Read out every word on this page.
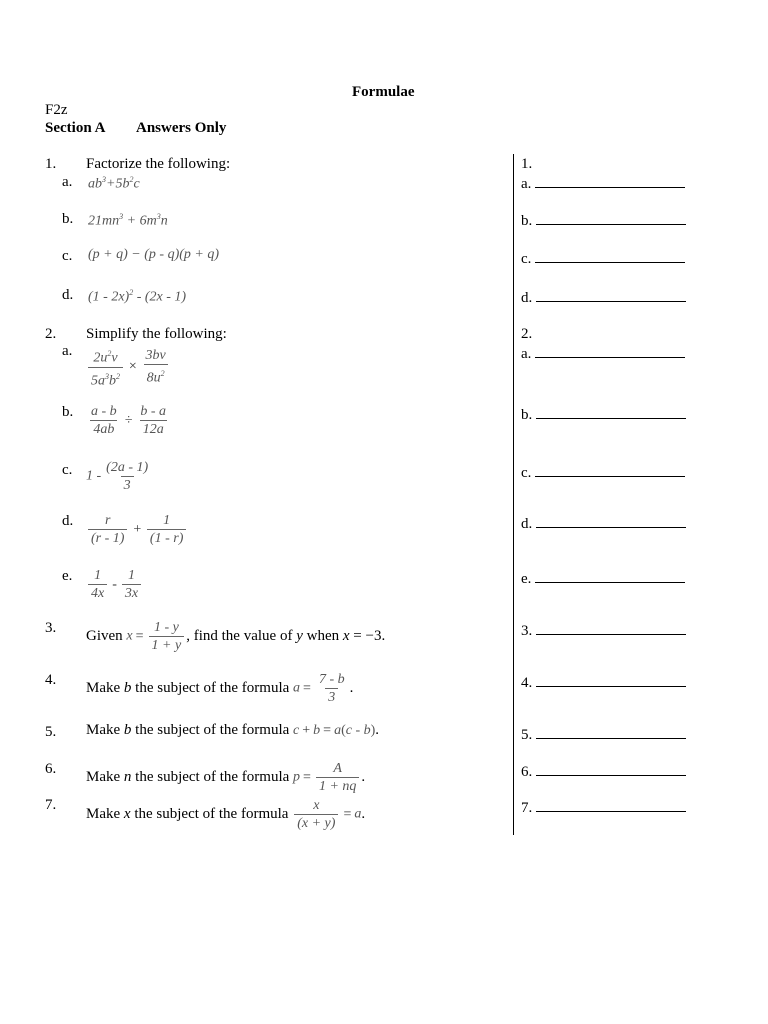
Formulae
F2z
Section A Answers Only
1. Factorize the following:
a. $ab^3+5b^2c$
b. $21mn^3 + 6m^3n$
c. (p + q) − (p - q)(p + q)
d. (1 - 2x)$^2$ - (2x - 1)
2. Simplify the following:
a. $\frac{2u^2v}{5a^3b^2} \times \frac{3bv}{8u^2}$
b. $\frac{a - b}{4ab} \div \frac{b - a}{12a}$
c. $1 - \frac{(2a - 1)}{3}$
d. $\frac{r}{(r - 1)} + \frac{1}{(1 - r)}$
e. $\frac{1}{4x} - \frac{1}{3x}$
3. Given $x = \frac{1 - y}{1 + y}$ , find the value of y when x = −3.
4. Make b the subject of the formula $a = \frac{7 - b}{3}$ .
5. Make b the subject of the formula c + b = a(c - b).
6. Make n the subject of the formula $p = \frac{A}{1 + nq}$ .
7.
Make x the subject of the formula $\frac{x}{(x + y)} = a$.
1.
a.
b.
c.
d.
2.
a.
b.
c.
d.
e.
3.
4.
5.
6.
7.
